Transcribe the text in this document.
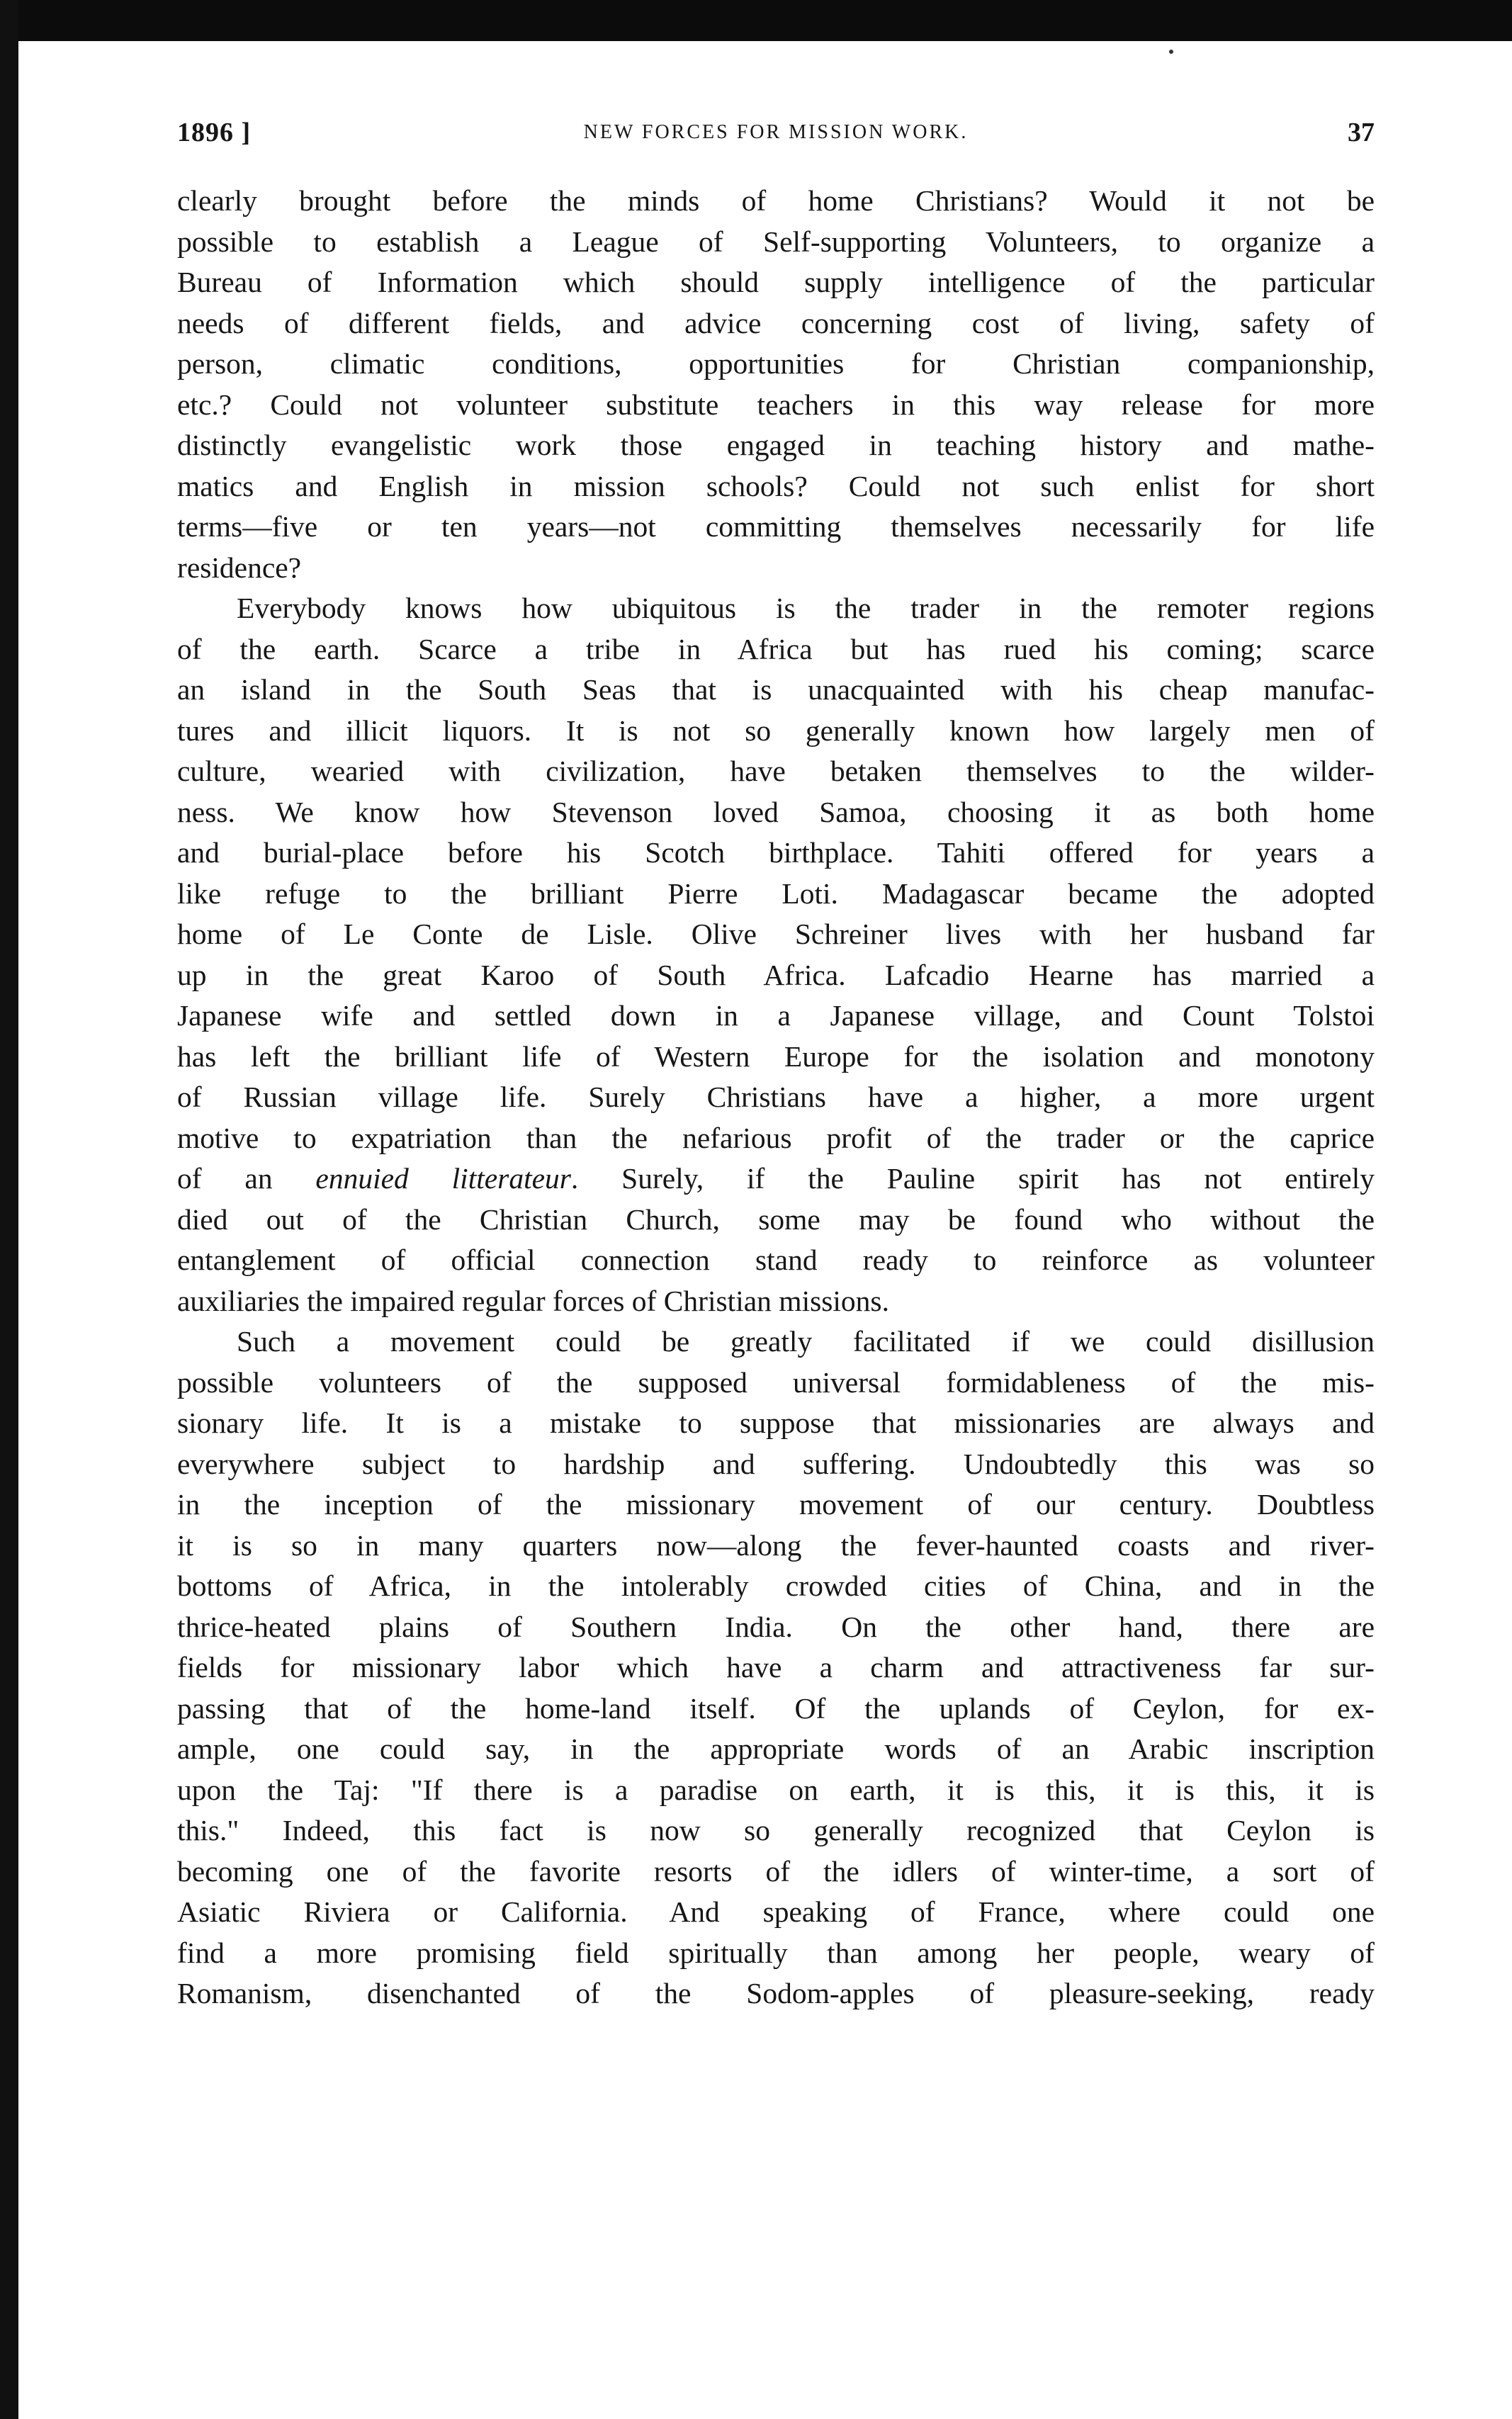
1896 ]	NEW FORCES FOR MISSION WORK.	37

clearly brought before the minds of home Christians? Would it not be
possible to establish a League of Self-supporting Volunteers, to organize a
Bureau of Information which should supply intelligence of the particular
needs of different fields, and advice concerning cost of living, safety of
person, climatic conditions, opportunities for Christian companionship,
etc.? Could not volunteer substitute teachers in this way release for more
distinctly evangelistic work those engaged in teaching history and mathe-
matics and English in mission schools? Could not such enlist for short
terms—five or ten years—not committing themselves necessarily for life
residence?

Everybody knows how ubiquitous is the trader in the remoter regions
of the earth. Scarce a tribe in Africa but has rued his coming; scarce
an island in the South Seas that is unacquainted with his cheap manufac-
tures and illicit liquors. It is not so generally known how largely men of
culture, wearied with civilization, have betaken themselves to the wilder-
ness. We know how Stevenson loved Samoa, choosing it as both home
and burial-place before his Scotch birthplace. Tahiti offered for years a
like refuge to the brilliant Pierre Loti. Madagascar became the adopted
home of Le Conte de Lisle. Olive Schreiner lives with her husband far
up in the great Karoo of South Africa. Lafcadio Hearne has married a
Japanese wife and settled down in a Japanese village, and Count Tolstoi
has left the brilliant life of Western Europe for the isolation and monotony
of Russian village life. Surely Christians have a higher, a more urgent
motive to expatriation than the nefarious profit of the trader or the caprice
of an ennuied litterateur. Surely, if the Pauline spirit has not entirely
died out of the Christian Church, some may be found who without the
entanglement of official connection stand ready to reinforce as volunteer
auxiliaries the impaired regular forces of Christian missions.

Such a movement could be greatly facilitated if we could disillusion
possible volunteers of the supposed universal formidableness of the mis-
sionary life. It is a mistake to suppose that missionaries are always and
everywhere subject to hardship and suffering. Undoubtedly this was so
in the inception of the missionary movement of our century. Doubtless
it is so in many quarters now—along the fever-haunted coasts and river-
bottoms of Africa, in the intolerably crowded cities of China, and in the
thrice-heated plains of Southern India. On the other hand, there are
fields for missionary labor which have a charm and attractiveness far sur-
passing that of the home-land itself. Of the uplands of Ceylon, for ex-
ample, one could say, in the appropriate words of an Arabic inscription
upon the Taj: "If there is a paradise on earth, it is this, it is this, it is
this." Indeed, this fact is now so generally recognized that Ceylon is
becoming one of the favorite resorts of the idlers of winter-time, a sort of
Asiatic Riviera or California. And speaking of France, where could one
find a more promising field spiritually than among her people, weary of
Romanism, disenchanted of the Sodom-apples of pleasure-seeking, ready
